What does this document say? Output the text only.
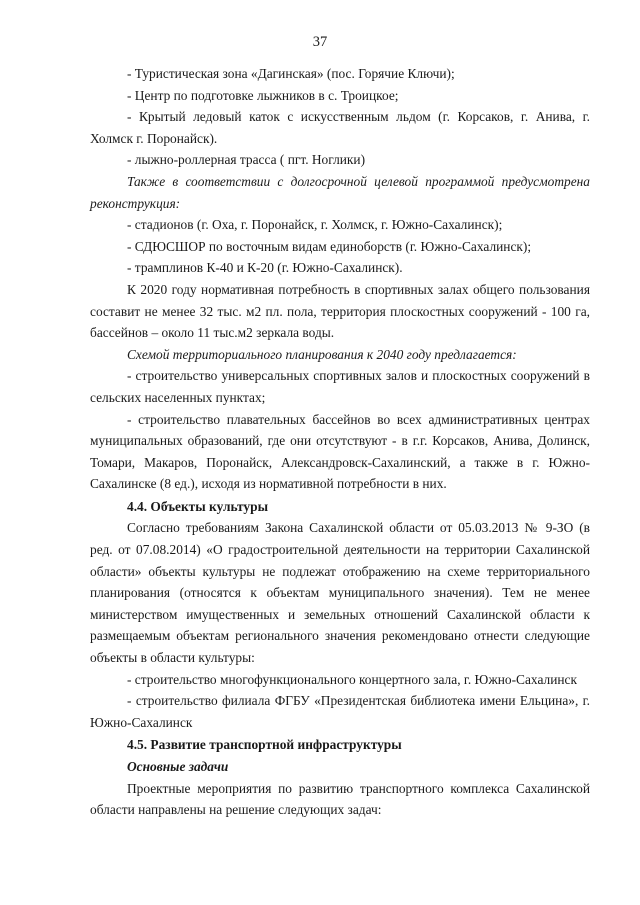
37

- Туристическая зона «Дагинская» (пос. Горячие Ключи);

- Центр по подготовке лыжников в с. Троицкое;

- Крытый ледовый каток с искусственным льдом (г. Корсаков, г. Анива, г. Холмск г. Поронайск).

- лыжно-роллерная трасса ( пгт. Ноглики)

Также в соответствии с долгосрочной целевой программой предусмотрена реконструкция:

- стадионов (г. Оха, г. Поронайск, г. Холмск, г. Южно-Сахалинск);

- СДЮСШОР по восточным видам единоборств (г. Южно-Сахалинск);

- трамплинов К-40 и К-20 (г. Южно-Сахалинск).

К 2020 году нормативная потребность в спортивных залах общего пользования составит не менее 32 тыс. м2 пл. пола, территория плоскостных сооружений - 100 га, бассейнов – около 11 тыс.м2 зеркала воды.

Схемой территориального планирования к 2040 году предлагается:

- строительство универсальных спортивных залов и плоскостных сооружений в сельских населенных пунктах;

- строительство плавательных бассейнов во всех административных центрах муниципальных образований, где они отсутствуют - в г.г. Корсаков, Анива, Долинск, Томари, Макаров, Поронайск, Александровск-Сахалинский, а также в г. Южно-Сахалинске (8 ед.), исходя из нормативной потребности в них.

4.4. Объекты культуры

Согласно требованиям Закона Сахалинской области от 05.03.2013 № 9-ЗО (в ред. от 07.08.2014) «О градостроительной деятельности на территории Сахалинской области» объекты культуры не подлежат отображению на схеме территориального планирования (относятся к объектам муниципального значения). Тем не менее министерством имущественных и земельных отношений Сахалинской области к размещаемым объектам регионального значения рекомендовано отнести следующие объекты в области культуры:

- строительство многофункционального концертного зала, г. Южно-Сахалинск

- строительство филиала ФГБУ «Президентская библиотека имени Ельцина», г. Южно-Сахалинск

4.5. Развитие транспортной инфраструктуры

Основные задачи

Проектные мероприятия по развитию транспортного комплекса Сахалинской области направлены на решение следующих задач:
